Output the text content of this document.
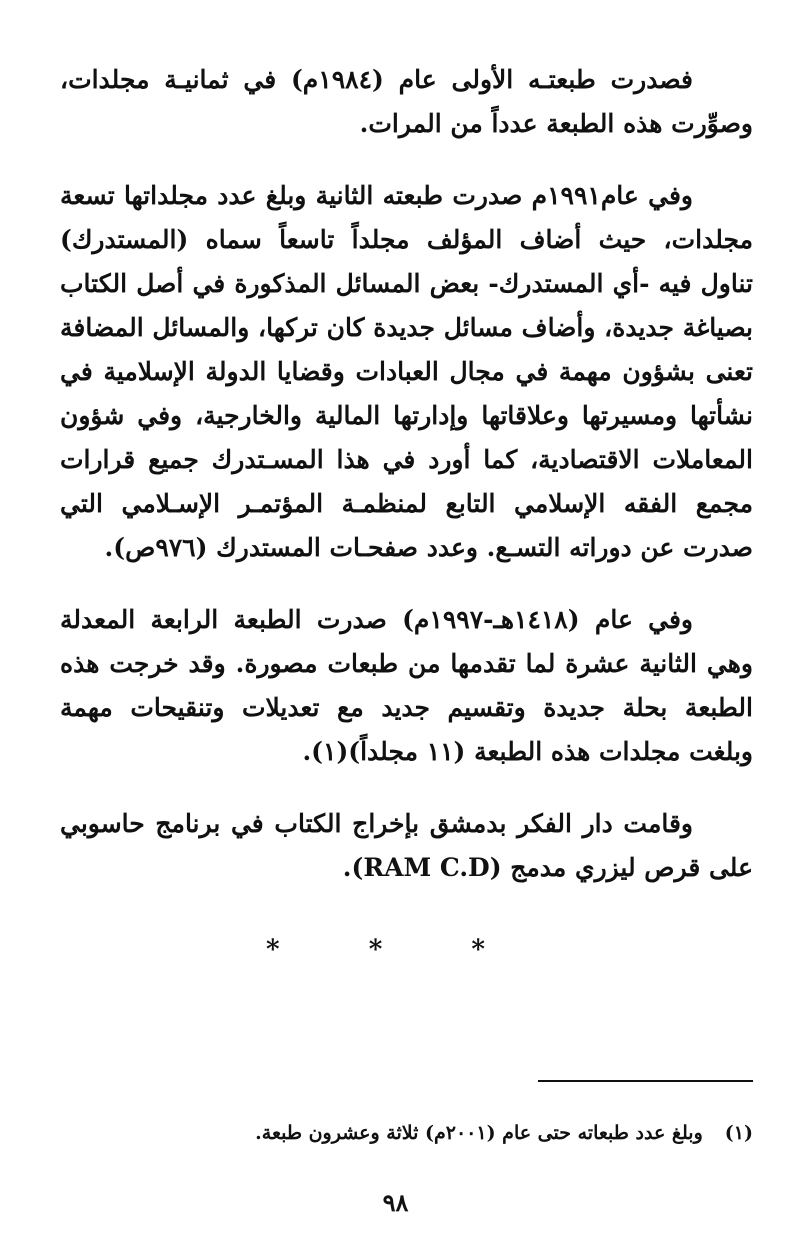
فصدرت طبعتـه الأولى عام (١٩٨٤م) في ثمانيـة مجلدات، وصوِّرت هذه الطبعة عدداً من المرات.

وفي عام١٩٩١م صدرت طبعته الثانية وبلغ عدد مجلداتها تسعة مجلدات، حيث أضاف المؤلف مجلداً تاسعاً سماه (المستدرك) تناول فيه -أي المستدرك- بعض المسائل المذكورة في أصل الكتاب بصياغة جديدة، وأضاف مسائل جديدة كان تركها، والمسائل المضافة تعنى بشؤون مهمة في مجال العبادات وقضايا الدولة الإسلامية في نشأتها ومسيرتها وعلاقاتها وإدارتها المالية والخارجية، وفي شؤون المعاملات الاقتصادية، كما أورد في هذا المسـتدرك جميع قرارات مجمع الفقه الإسلامي التابع لمنظمـة المؤتمـر الإسـلامي التي صدرت عن دوراته التسـع. وعدد صفحـات المستدرك (٩٧٦ص).

وفي عام (١٤١٨هـ-١٩٩٧م) صدرت الطبعة الرابعة المعدلة وهي الثانية عشرة لما تقدمها من طبعات مصورة. وقد خرجت هذه الطبعة بحلة جديدة وتقسيم جديد مع تعديلات وتنقيحات مهمة وبلغت مجلدات هذه الطبعة (١١ مجلداً)(١).

وقامت دار الفكر بدمشق بإخراج الكتاب في برنامج حاسوبي على قرص ليزري مدمج (RAM C.D).

* * *
(١)وبلغ عدد طبعاته حتى عام (٢٠٠١م) ثلاثة وعشرون طبعة.
٩٨
